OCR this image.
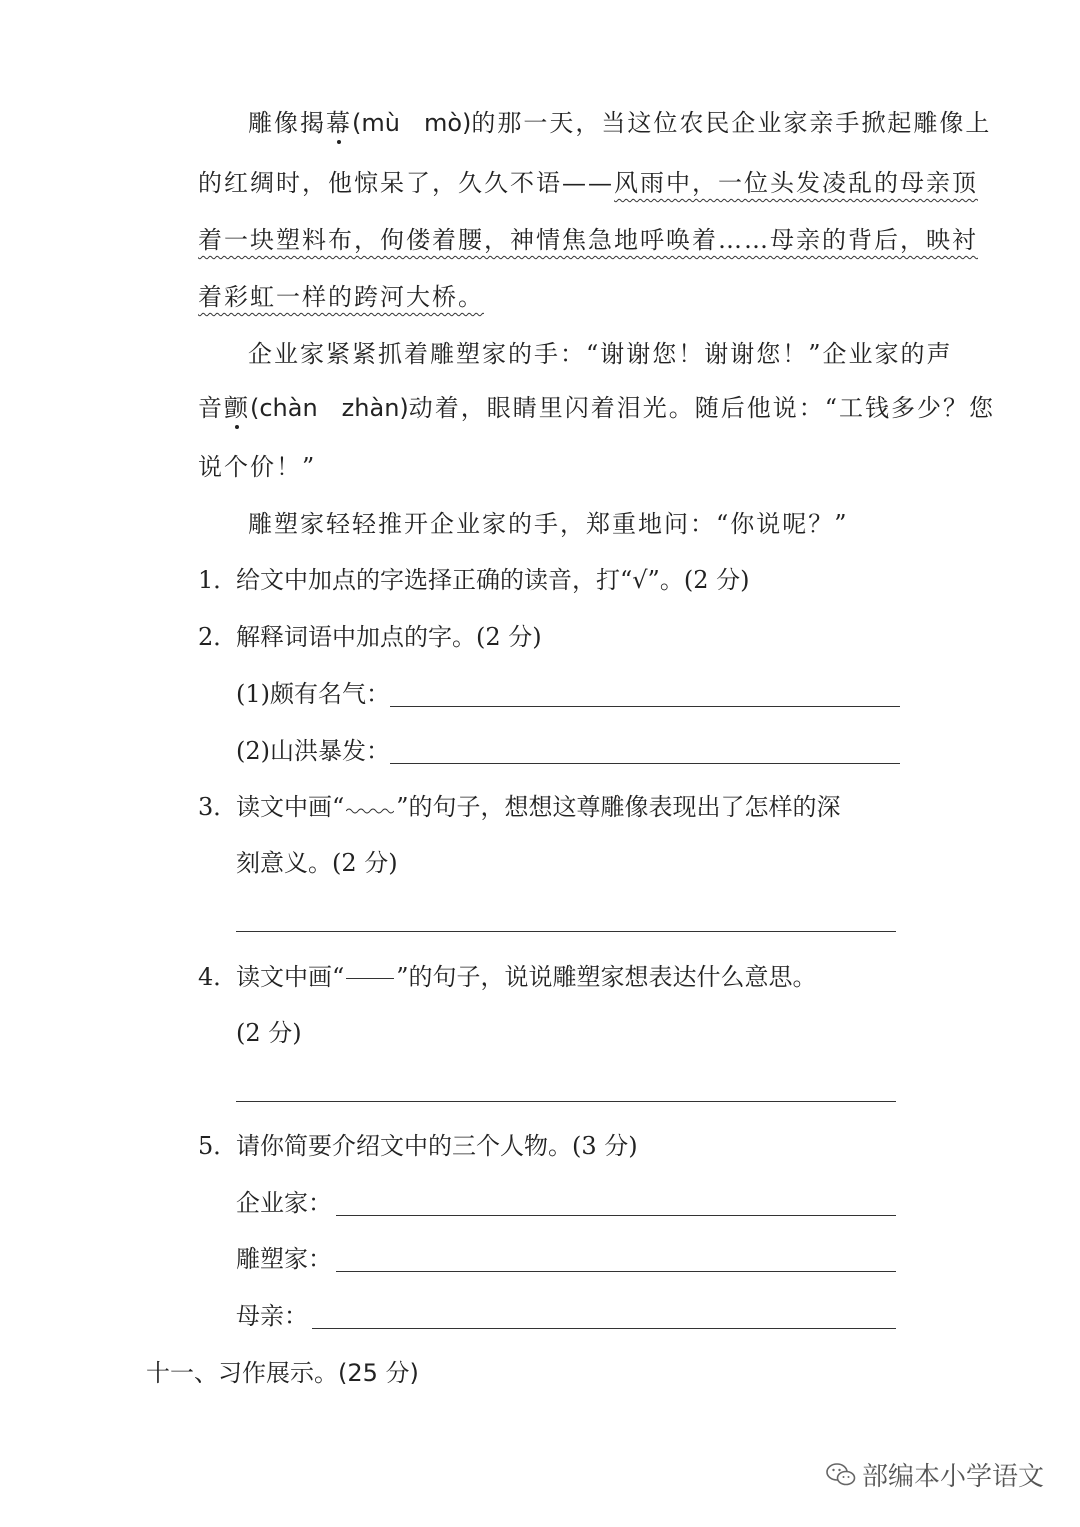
雕像揭幕(mù　mò)的那一天，当这位农民企业家亲手掀起雕像上
的红绸时，他惊呆了，久久不语——风雨中，一位头发凌乱的母亲顶
着一块塑料布，佝偻着腰，神情焦急地呼唤着……母亲的背后，映衬
着彩虹一样的跨河大桥。
企业家紧紧抓着雕塑家的手：“谢谢您！谢谢您！”企业家的声
音颤(chàn　zhàn)动着，眼睛里闪着泪光。随后他说：“工钱多少？您
说个价！”
雕塑家轻轻推开企业家的手，郑重地问：“你说呢？”
1．给文中加点的字选择正确的读音，打“√”。(2 分)
2．解释词语中加点的字。(2 分)
(1)颇有名气：
(2)山洪暴发：
3．读文中画“ ”的句子，想想这尊雕像表现出了怎样的深
刻意义。(2 分)
4．读文中画“ ”的句子，说说雕塑家想表达什么意思。
(2 分)
5．请你简要介绍文中的三个人物。(3 分)
企业家：
雕塑家：
母亲：
十一、习作展示。(25 分)
部编本小学语文
